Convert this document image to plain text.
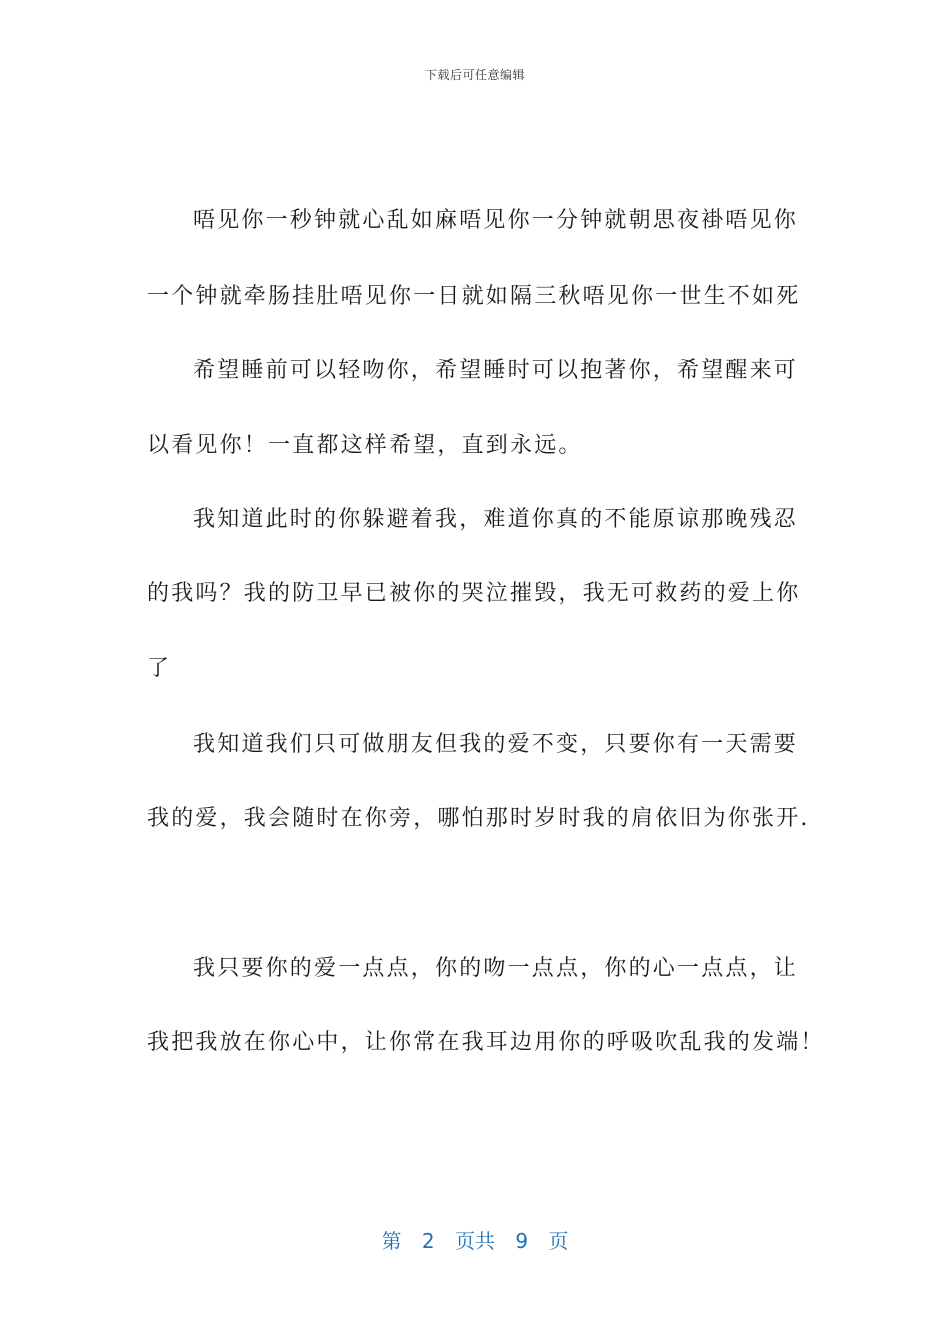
下载后可任意编辑
唔见你一秒钟就心乱如麻唔见你一分钟就朝思夜褂唔见你
一个钟就牵肠挂肚唔见你一日就如隔三秋唔见你一世生不如死
希望睡前可以轻吻你，希望睡时可以抱著你，希望醒来可
以看见你！一直都这样希望，直到永远。
我知道此时的你躲避着我，难道你真的不能原谅那晚残忍
的我吗？我的防卫早已被你的哭泣摧毁，我无可救药的爱上你
了
我知道我们只可做朋友但我的爱不变，只要你有一天需要
我的爱，我会随时在你旁，哪怕那时岁时我的肩依旧为你张开.
我只要你的爱一点点，你的吻一点点，你的心一点点，让
我把我放在你心中，让你常在我耳边用你的呼吸吹乱我的发端！
第 2 页共 9 页
